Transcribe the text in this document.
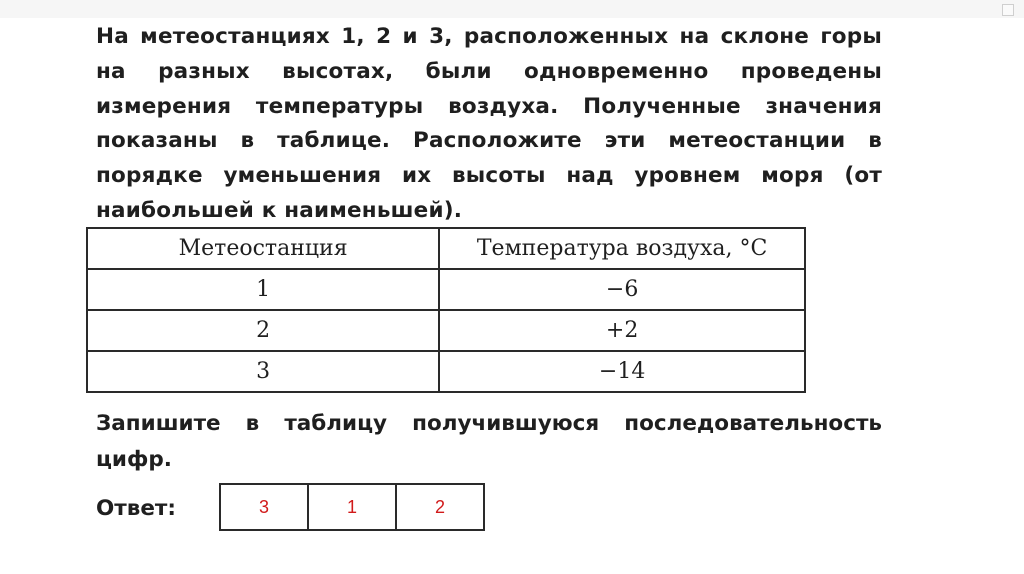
На метеостанциях 1, 2 и 3, расположенных на склоне горы на разных высотах, были одновременно проведены измерения температуры воздуха. Полученные значения показаны в таблице. Расположите эти метеостанции в порядке уменьшения их высоты над уровнем моря (от наибольшей к наименьшей).
Метеостанция	Температура воздуха, °С
1	−6
2	+2
3	−14
Запишите в таблицу получившуюся последовательность цифр.
Ответ:	3	1	2
